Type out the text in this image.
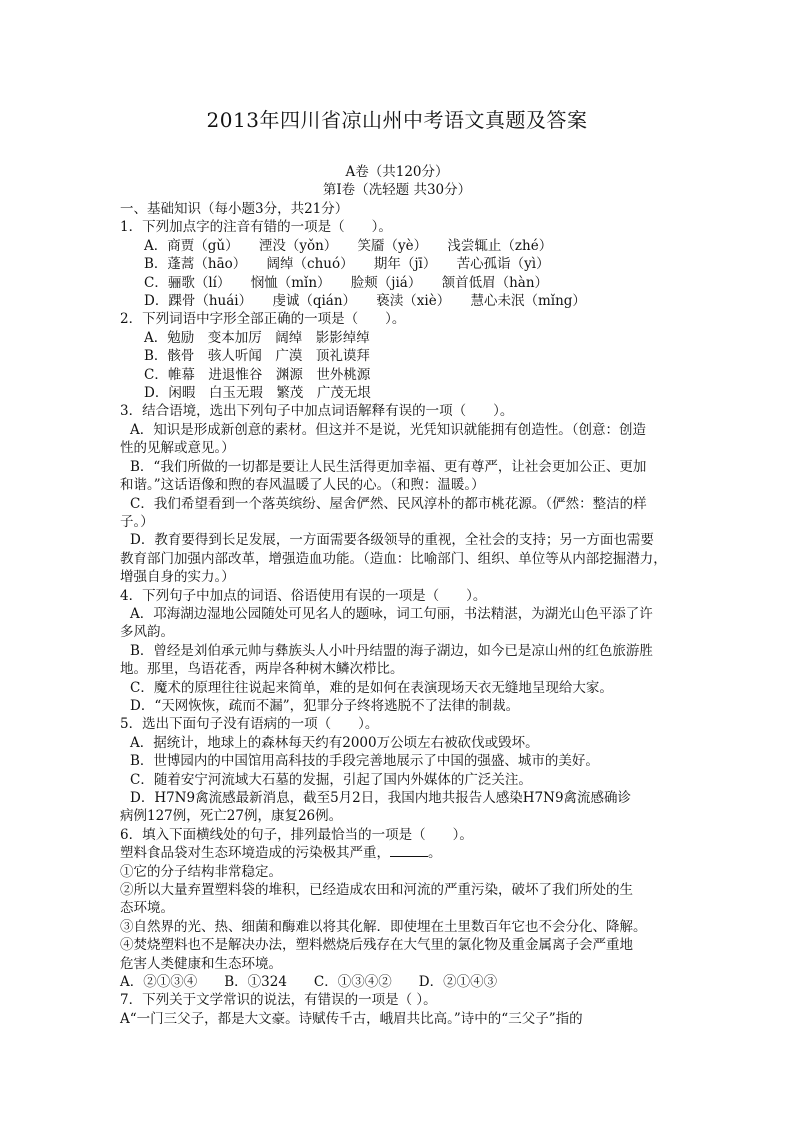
2013年四川省凉山州中考语文真题及答案
A卷（共120分）
第Ⅰ卷（冼轻题 共30分）

一、基础知识（每小题3分，共21分）

1．下列加点字的注音有错的一项是（　　）。

A．商贾（gǔ）　　湮没（yǒn）　　笑靥（yè）　　浅尝辄止（zhé）

B．蓬蒿（hāo）　　阔绰（chuó）　　期年（jī）　　苦心孤诣（yì）

C．骊歌（lí）　　悯恤（mǐn）　　脸颊（jiá）　　颔首低眉（hàn）

D．踝骨（huái）　　虔诚（qián）　　亵渎（xiè）　　慧心未泯（mǐng）

2．下列词语中字形全部正确的一项是（　　）。

A．勉励　变本加厉　阔绰　影影绰绰

B．骸骨　骇人听闻　广漠　顶礼谟拜

C．帷幕　进退惟谷　渊源　世外桃源

D．闲暇　白玉无瑕　繁茂　广茂无垠

3．结合语境，选出下列句子中加点词语解释有误的一项（　　）。

A．知识是形成新创意的素材。但这并不是说，光凭知识就能拥有创造性。（创意：创造

性的见解或意见。）

B．“我们所做的一切都是要让人民生活得更加幸福、更有尊严，让社会更加公正、更加

和谐。”这话语像和煦的春风温暖了人民的心。（和煦：温暖。）

C．我们希望看到一个落英缤纷、屋舍俨然、民风淳朴的都市桃花源。（俨然：整洁的样

子。）

D．教育要得到长足发展，一方面需要各级领导的重视，全社会的支持；另一方面也需要

教育部门加强内部改革，增强造血功能。（造血：比喻部门、组织、单位等从内部挖掘潜力，

增强自身的实力。）

4．下列句子中加点的词语、俗语使用有误的一项是（　　）。

A．邛海湖边湿地公园随处可见名人的题咏，词工句丽，书法精湛，为湖光山色平添了许

多风韵。

B．曾经是刘伯承元帅与彝族头人小叶丹结盟的海子湖边，如今已是凉山州的红色旅游胜

地。那里，鸟语花香，两岸各种树木鳞次栉比。

C．魔术的原理往往说起来简单，难的是如何在表演现场天衣无缝地呈现给大家。

D．“天网恢恢，疏而不漏”，犯罪分子终将逃脱不了法律的制裁。

5．选出下面句子没有语病的一项（　　）。

A．据统计，地球上的森林每天约有2000万公顷左右被砍伐或毁坏。

B．世博园内的中国馆用高科技的手段完善地展示了中国的强盛、城市的美好。

C．随着安宁河流域大石墓的发掘，引起了国内外媒体的广泛关注。

D．H7N9禽流感最新消息，截至5月2日，我国内地共报告人感染H7N9禽流感确诊

病例127例，死亡27例，康复26例。

6．填入下面横线处的句子，排列最恰当的一项是（　　）。

塑料食品袋对生态环境造成的污染极其严重，	。

①它的分子结构非常稳定。

②所以大量弃置塑料袋的堆积，已经造成农田和河流的严重污染，破坏了我们所处的生

态环境。

③自然界的光、热、细菌和酶难以将其化解．即使埋在土里数百年它也不会分化、降解。

④焚烧塑料也不是解决办法，塑料燃烧后残存在大气里的氯化物及重金属离子会严重地

危害人类健康和生态环境。

A．②①③④　　B．①324　　C．①③④②　　D．②①④③

7．下列关于文学常识的说法，有错误的一项是（ ）。

A“一门三父子，都是大文豪。诗赋传千古，峨眉共比高。”诗中的“三父子”指的
